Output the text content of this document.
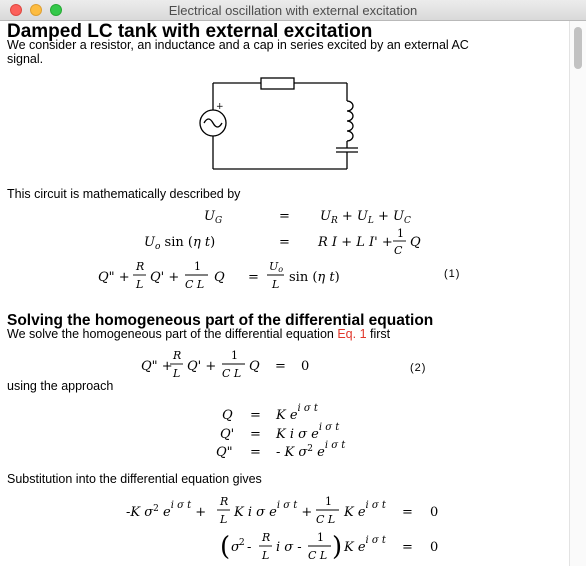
Electrical oscillation with external excitation
Damped LC tank with external excitation
We consider a resistor, an inductance and a cap in series excited by an external AC
signal.
+
This circuit is mathematically described by
$U_G$	= $U_R + U_L + U_C$
$U_o$ sin (η t)	= R I + L I' +
1
C
Q
Q" +
R
L Q' +
1
C L Q =
Uo
L sin (η t)	(1)
Solving the homogeneous part of the differential equation
We solve the homogeneous part of the differential equation Eq. 1 first
Q" +
R
L Q' +
1
C L Q = 0	(2)
using the approach
Q = K $e^{i \sigma t}$
Q' = K i σ $e^{i \sigma t}$
Q" = - K $\sigma^2$ $e^{i \sigma t}$
Substitution into the differential equation gives
-K $\sigma^2$ $e^{i \sigma t}$ +
R
L K i σ $e^{i \sigma t}$ +
1
C L K $e^{i \sigma t} = 0$
( σ 2 -
R
L
i σ -
1
C L ) K $e^{i \sigma t} = 0$
